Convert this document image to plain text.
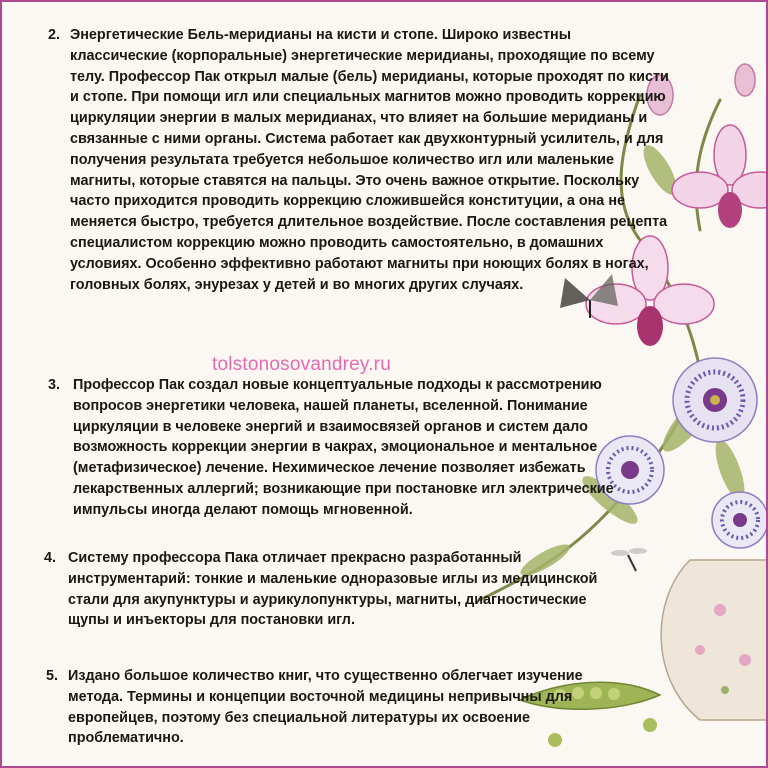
tolstonosovandrey.ru

2. Энергетические Бель-меридианы на кисти и стопе. Широко известны классические (корпоральные) энергетические меридианы, проходящие по всему телу. Профессор Пак открыл малые (бель) меридианы, которые проходят по кисти и стопе. При помощи игл или специальных магнитов можно проводить коррекцию циркуляции энергии в малых меридианах, что влияет на большие меридианы и связанные с ними органы. Система работает как двухконтурный усилитель, и для получения результата требуется небольшое количество игл или маленькие магниты, которые ставятся на пальцы. Это очень важное открытие. Поскольку часто приходится проводить коррекцию сложившейся конституции, а она не меняется быстро, требуется длительное воздействие. После составления рецепта специалистом коррекцию можно проводить самостоятельно, в домашних условиях. Особенно эффективно работают магниты при ноющих болях в ногах, головных болях, энурезах у детей и во многих других случаях.

3. Профессор Пак создал новые концептуальные подходы к рассмотрению вопросов энергетики человека, нашей планеты, вселенной. Понимание циркуляции в человеке энергий и взаимосвязей органов и систем дало возможность коррекции энергии в чакрах, эмоциональное и ментальное (метафизическое) лечение. Нехимическое лечение позволяет избежать лекарственных аллергий; возникающие при постановке игл электрические импульсы иногда делают помощь мгновенной.

4. Систему профессора Пака отличает прекрасно разработанный инструментарий: тонкие и маленькие одноразовые иглы из медицинской стали для акупунктуры и аурикулопунктуры, магниты, диагностические щупы и инъекторы для постановки игл.

5. Издано большое количество книг, что существенно облегчает изучение метода. Термины и концепции восточной медицины непривычны для европейцев, поэтому без специальной литературы их освоение проблематично.
